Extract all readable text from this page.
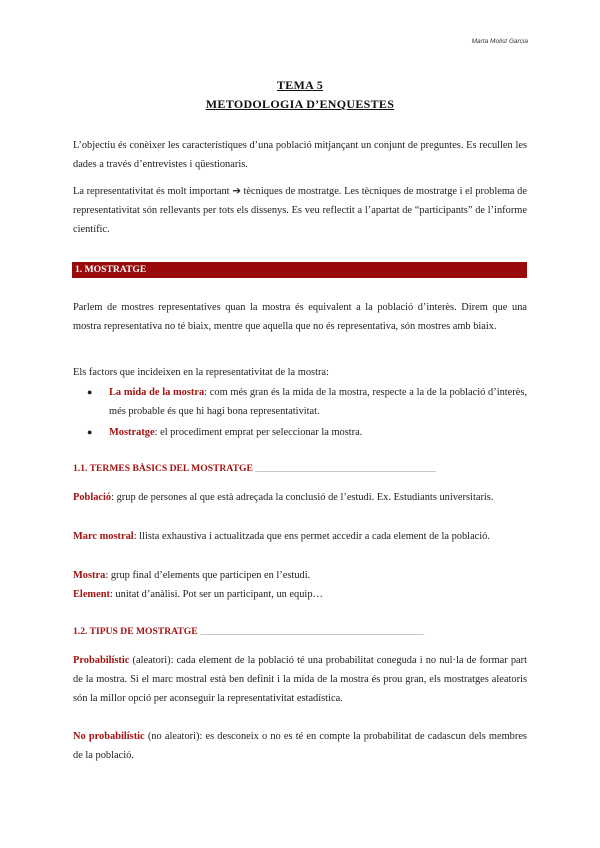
Marta Molist Garcia
TEMA 5
METODOLOGIA D’ENQUESTES
L’objectiu és conèixer les característiques d’una població mitjançant un conjunt de preguntes. Es recullen les dades a través d’entrevistes i qüestionaris.
La representativitat és molt important ➔ tècniques de mostratge. Les tècniques de mostratge i el problema de representativitat són rellevants per tots els dissenys. Es veu reflectit a l’apartat de “participants” de l’informe científic.
1. MOSTRATGE
Parlem de mostres representatives quan la mostra és equivalent a la població d’interès. Direm que una mostra representativa no té biaix, mentre que aquella que no és representativa, són mostres amb biaix.
Els factors que incideixen en la representativitat de la mostra:
● La mida de la mostra: com més gran és la mida de la mostra, respecte a la de la població d’interès, més probable és que hi hagi bona representativitat.
● Mostratge: el procediment emprat per seleccionar la mostra.
1.1. TERMES BÀSICS DEL MOSTRATGE __________________________________________
Població: grup de persones al que està adreçada la conclusió de l’estudi. Ex. Estudiants universitaris.
Marc mostral: llista exhaustiva i actualitzada que ens permet accedir a cada element de la població.
Mostra: grup final d’elements que participen en l’estudi.
Element: unitat d’anàlisi. Pot ser un participant, un equip…
1.2. TIPUS DE MOSTRATGE ____________________________________________________
Probabilístic (aleatori): cada element de la població té una probabilitat coneguda i no nul·la de formar part de la mostra. Si el marc mostral està ben definit i la mida de la mostra és prou gran, els mostratges aleatoris són la millor opció per aconseguir la representativitat estadística.
No probabilístic (no aleatori): es desconeix o no es té en compte la probabilitat de cadascun dels membres de la població.
